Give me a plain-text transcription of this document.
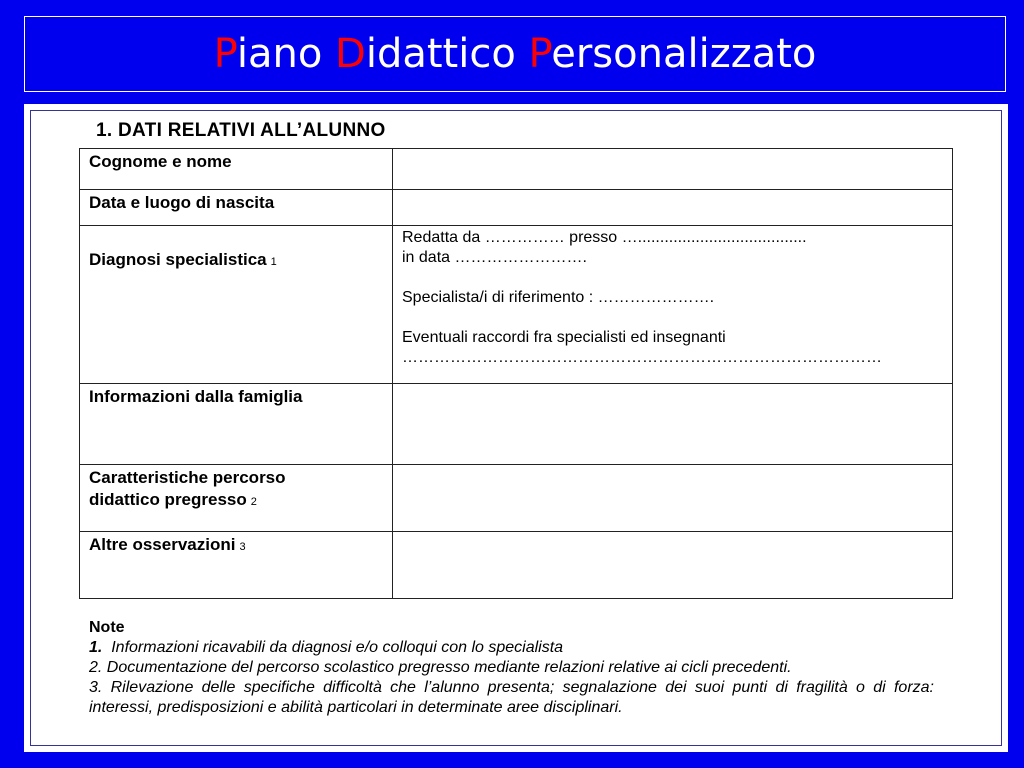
Piano Didattico Personalizzato
1. DATI RELATIVI ALL’ALUNNO
Cognome e nome	
Data e luogo di nascita	
Diagnosi specialistica 1	Redatta da …………… presso …......................................
in data …………………….
Specialista/i di riferimento : ………………….
Eventuali raccordi fra specialisti ed insegnanti
………………………………………………………………………………

Informazioni dalla famiglia	
Caratteristiche percorso
didattico pregresso 2	
Altre osservazioni 3	
Note
1. Informazioni ricavabili da diagnosi e/o colloqui con lo specialista
2. Documentazione del percorso scolastico pregresso mediante relazioni relative ai cicli precedenti.
3. Rilevazione delle specifiche difficoltà che l’alunno presenta; segnalazione dei suoi punti di fragilità o di forza: interessi, predisposizioni e abilità particolari in determinate aree disciplinari.
